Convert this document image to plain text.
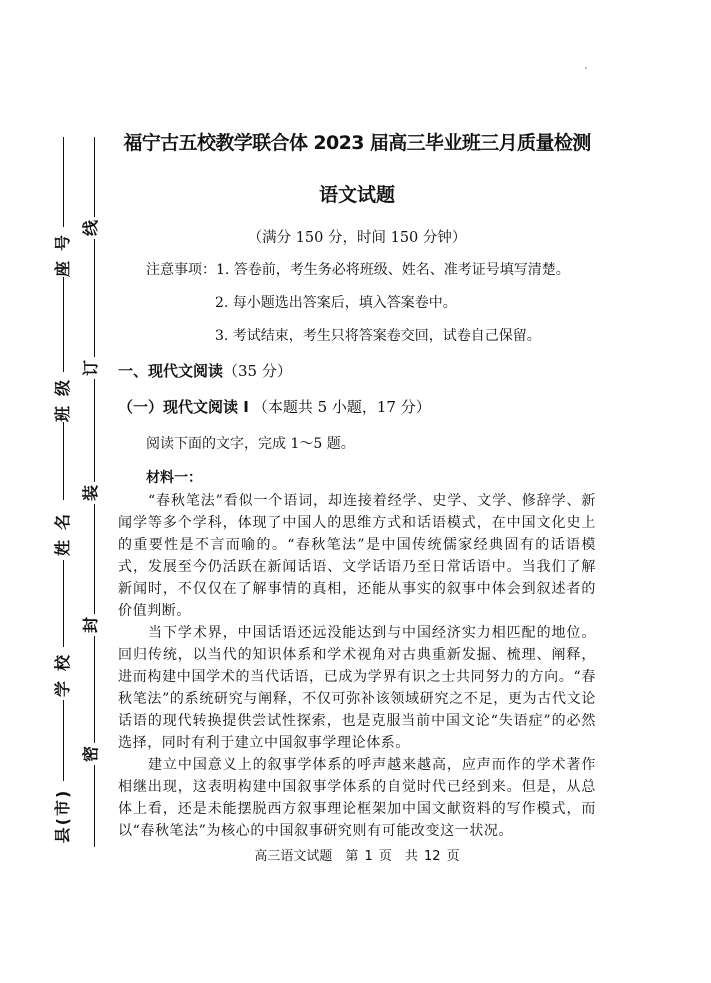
座号
班级
姓名
学校
县(市)
线
订
装
封
密
福宁古五校教学联合体 2023 届高三毕业班三月质量检测
语文试题
（满分 150 分，时间 150 分钟）
注意事项：1. 答卷前，考生务必将班级、姓名、准考证号填写清楚。
2. 每小题选出答案后，填入答案卷中。
3. 考试结束，考生只将答案卷交回，试卷自己保留。
一、现代文阅读（35 分）
（一）现代文阅读 I （本题共 5 小题，17 分）
阅读下面的文字，完成 1～5 题。
材料一：
“春秋笔法”看似一个语词，却连接着经学、史学、文学、修辞学、新闻学等多个学科，体现了中国人的思维方式和话语模式，在中国文化史上的重要性是不言而喻的。“春秋笔法”是中国传统儒家经典固有的话语模式，发展至今仍活跃在新闻话语、文学话语乃至日常话语中。当我们了解新闻时，不仅仅在了解事情的真相，还能从事实的叙事中体会到叙述者的价值判断。
当下学术界，中国话语还远没能达到与中国经济实力相匹配的地位。回归传统，以当代的知识体系和学术视角对古典重新发掘、梳理、阐释，进而构建中国学术的当代话语，已成为学界有识之士共同努力的方向。“春秋笔法”的系统研究与阐释，不仅可弥补该领域研究之不足，更为古代文论话语的现代转换提供尝试性探索，也是克服当前中国文论“失语症”的必然选择，同时有利于建立中国叙事学理论体系。
建立中国意义上的叙事学体系的呼声越来越高，应声而作的学术著作相继出现，这表明构建中国叙事学体系的自觉时代已经到来。但是，从总体上看，还是未能摆脱西方叙事理论框架加中国文献资料的写作模式，而以“春秋笔法”为核心的中国叙事研究则有可能改变这一状况。
高三语文试题　第 1 页　共 12 页
